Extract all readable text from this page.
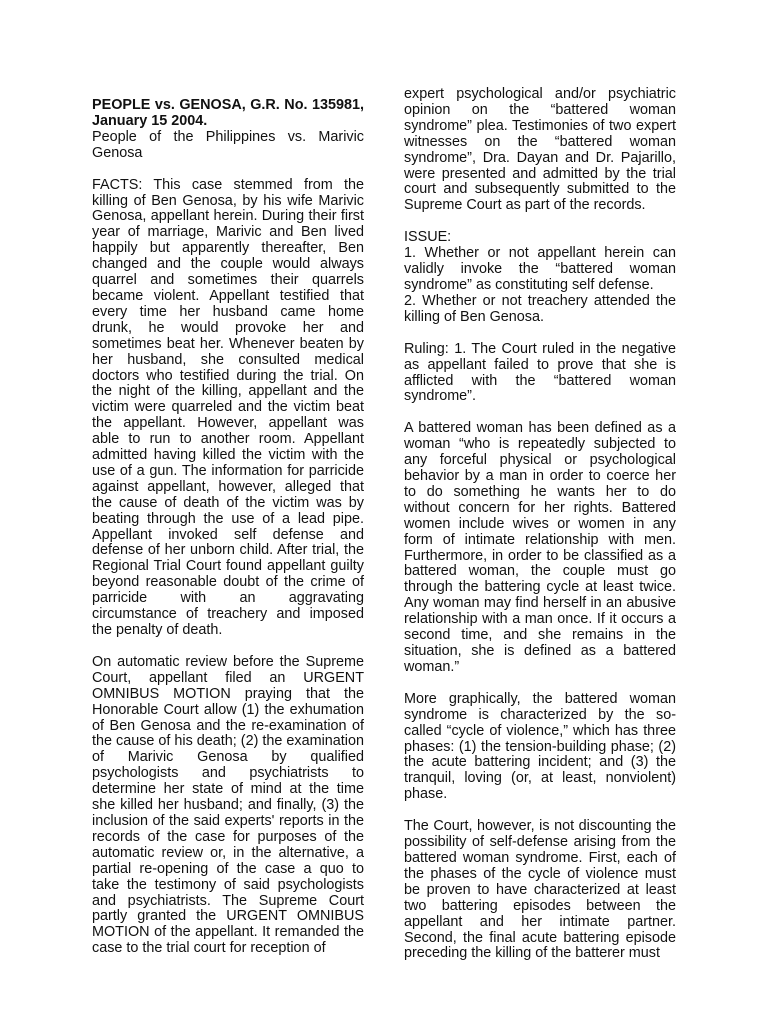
PEOPLE vs. GENOSA, G.R. No. 135981, January 15 2004.

People of the Philippines vs. Marivic Genosa

FACTS: This case stemmed from the killing of Ben Genosa, by his wife Marivic Genosa, appellant herein. During their first year of marriage, Marivic and Ben lived happily but apparently thereafter, Ben changed and the couple would always quarrel and sometimes their quarrels became violent. Appellant testified that every time her husband came home drunk, he would provoke her and sometimes beat her. Whenever beaten by her husband, she consulted medical doctors who testified during the trial. On the night of the killing, appellant and the victim were quarreled and the victim beat the appellant. However, appellant was able to run to another room. Appellant admitted having killed the victim with the use of a gun. The information for parricide against appellant, however, alleged that the cause of death of the victim was by beating through the use of a lead pipe. Appellant invoked self defense and defense of her unborn child. After trial, the Regional Trial Court found appellant guilty beyond reasonable doubt of the crime of parricide with an aggravating circumstance of treachery and imposed the penalty of death.

On automatic review before the Supreme Court, appellant filed an URGENT OMNIBUS MOTION praying that the Honorable Court allow (1) the exhumation of Ben Genosa and the re-examination of the cause of his death; (2) the examination of Marivic Genosa by qualified psychologists and psychiatrists to determine her state of mind at the time she killed her husband; and finally, (3) the inclusion of the said experts' reports in the records of the case for purposes of the automatic review or, in the alternative, a partial re-opening of the case a quo to take the testimony of said psychologists and psychiatrists. The Supreme Court partly granted the URGENT OMNIBUS MOTION of the appellant. It remanded the case to the trial court for reception of

expert psychological and/or psychiatric opinion on the “battered woman syndrome” plea. Testimonies of two expert witnesses on the “battered woman syndrome”, Dra. Dayan and Dr. Pajarillo, were presented and admitted by the trial court and subsequently submitted to the Supreme Court as part of the records.

ISSUE:

1. Whether or not appellant herein can validly invoke the “battered woman syndrome” as constituting self defense.

2. Whether or not treachery attended the killing of Ben Genosa.

Ruling: 1. The Court ruled in the negative as appellant failed to prove that she is afflicted with the “battered woman syndrome”.

A battered woman has been defined as a woman “who is repeatedly subjected to any forceful physical or psychological behavior by a man in order to coerce her to do something he wants her to do without concern for her rights. Battered women include wives or women in any form of intimate relationship with men. Furthermore, in order to be classified as a battered woman, the couple must go through the battering cycle at least twice. Any woman may find herself in an abusive relationship with a man once. If it occurs a second time, and she remains in the situation, she is defined as a battered woman.”

More graphically, the battered woman syndrome is characterized by the so-called “cycle of violence,” which has three phases: (1) the tension-building phase; (2) the acute battering incident; and (3) the tranquil, loving (or, at least, nonviolent) phase.

The Court, however, is not discounting the possibility of self-defense arising from the battered woman syndrome. First, each of the phases of the cycle of violence must be proven to have characterized at least two battering episodes between the appellant and her intimate partner. Second, the final acute battering episode preceding the killing of the batterer must
